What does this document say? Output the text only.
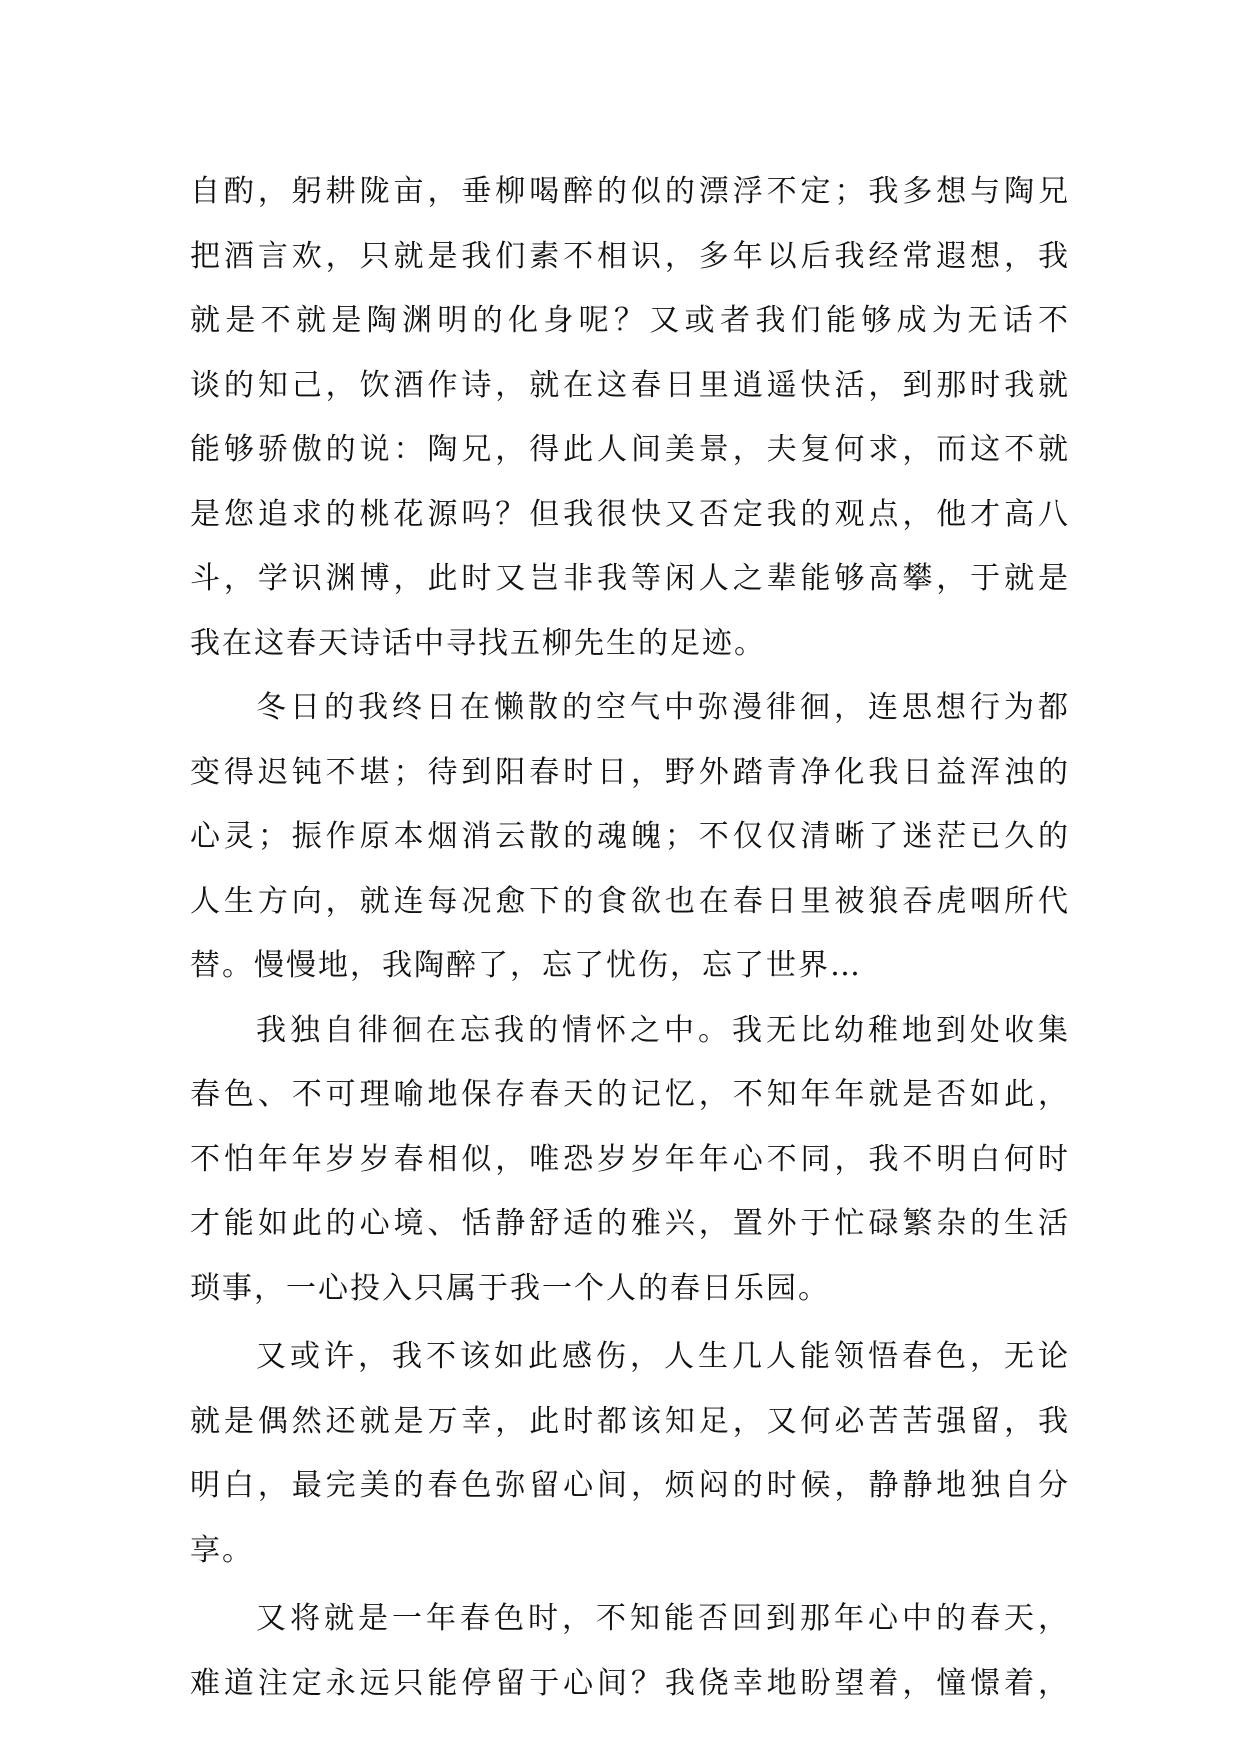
自酌，躬耕陇亩，垂柳喝醉的似的漂浮不定；我多想与陶兄
把酒言欢，只就是我们素不相识，多年以后我经常遐想，我
就是不就是陶渊明的化身呢？又或者我们能够成为无话不
谈的知己，饮酒作诗，就在这春日里逍遥快活，到那时我就
能够骄傲的说：陶兄，得此人间美景，夫复何求，而这不就
是您追求的桃花源吗？但我很快又否定我的观点，他才高八
斗，学识渊博，此时又岂非我等闲人之辈能够高攀，于就是
我在这春天诗话中寻找五柳先生的足迹。
冬日的我终日在懒散的空气中弥漫徘徊，连思想行为都
变得迟钝不堪；待到阳春时日，野外踏青净化我日益浑浊的
心灵；振作原本烟消云散的魂魄；不仅仅清晰了迷茫已久的
人生方向，就连每况愈下的食欲也在春日里被狼吞虎咽所代
替。慢慢地，我陶醉了，忘了忧伤，忘了世界…
我独自徘徊在忘我的情怀之中。我无比幼稚地到处收集
春色、不可理喻地保存春天的记忆，不知年年就是否如此，
不怕年年岁岁春相似，唯恐岁岁年年心不同，我不明白何时
才能如此的心境、恬静舒适的雅兴，置外于忙碌繁杂的生活
琐事，一心投入只属于我一个人的春日乐园。
又或许，我不该如此感伤，人生几人能领悟春色，无论
就是偶然还就是万幸，此时都该知足，又何必苦苦强留，我
明白，最完美的春色弥留心间，烦闷的时候，静静地独自分
享。
又将就是一年春色时，不知能否回到那年心中的春天，
难道注定永远只能停留于心间？我侥幸地盼望着，憧憬着，
